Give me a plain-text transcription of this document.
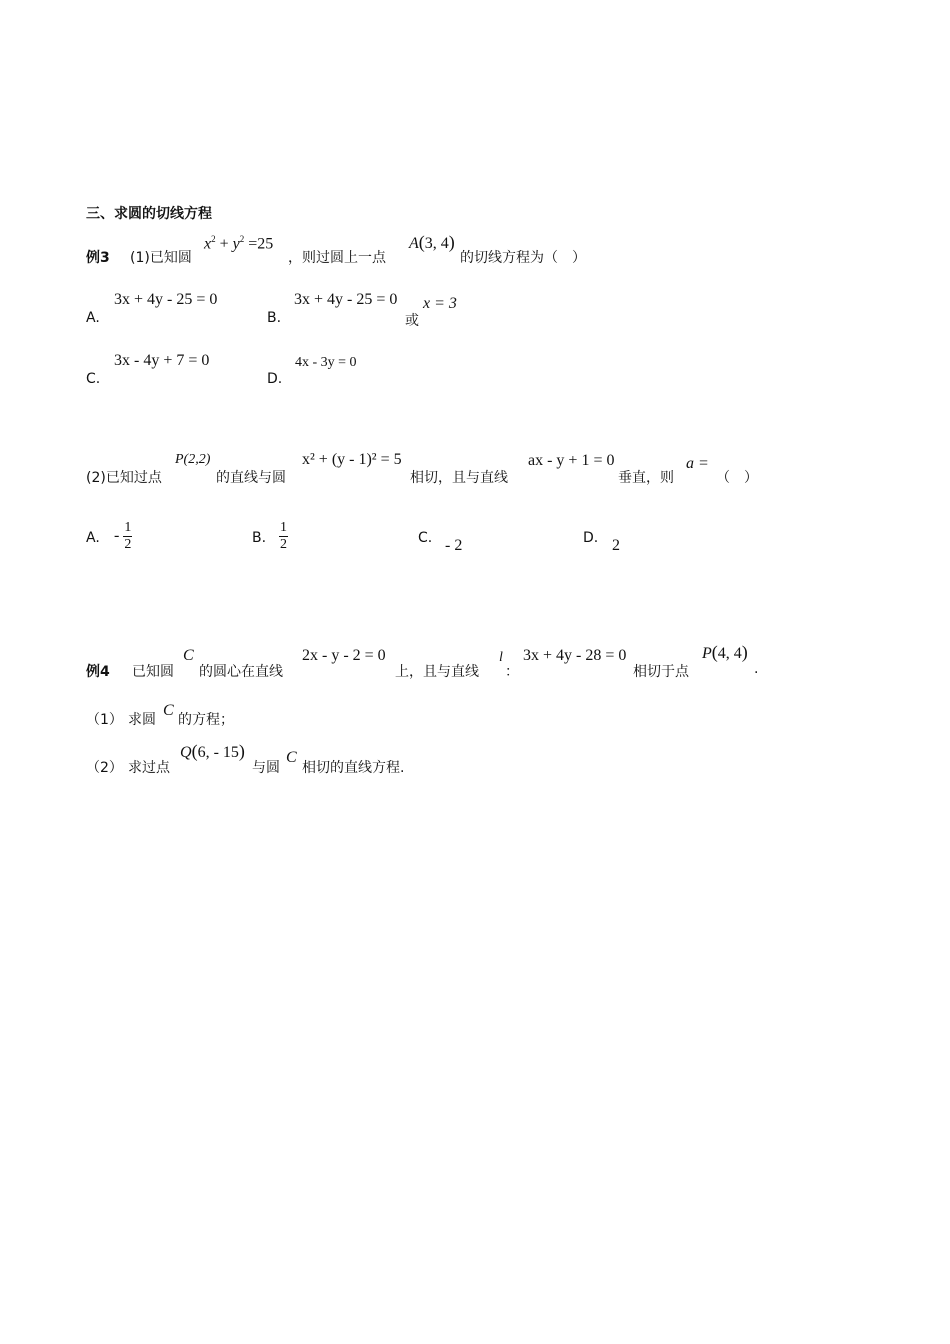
三、求圆的切线方程
例3 (1)已知圆
$x^2 + y^2 =25$
，则过圆上一点
A(3, 4)
的切线方程为（　）
A.
3x + 4y - 25 = 0
B.
3x + 4y - 25 = 0
或
x = 3
C.
3x - 4y + 7 = 0
D.
4x - 3y = 0
(2)已知过点
P(2,2)
的直线与圆
x² + (y - 1)² = 5
相切，且与直线
ax - y + 1 = 0
垂直，则
a =
（　）
A. - $\frac{1}{2}$	B. $\frac{1}{2}$	C. - 2	D. 2
例4 已知圆
C
的圆心在直线
2x - y - 2 = 0
上，且与直线
l
：
3x + 4y - 28 = 0
相切于点
P(4, 4)
.
（1） 求圆
C
的方程；
（2） 求过点
Q(6, - 15)
与圆
C
相切的直线方程.
